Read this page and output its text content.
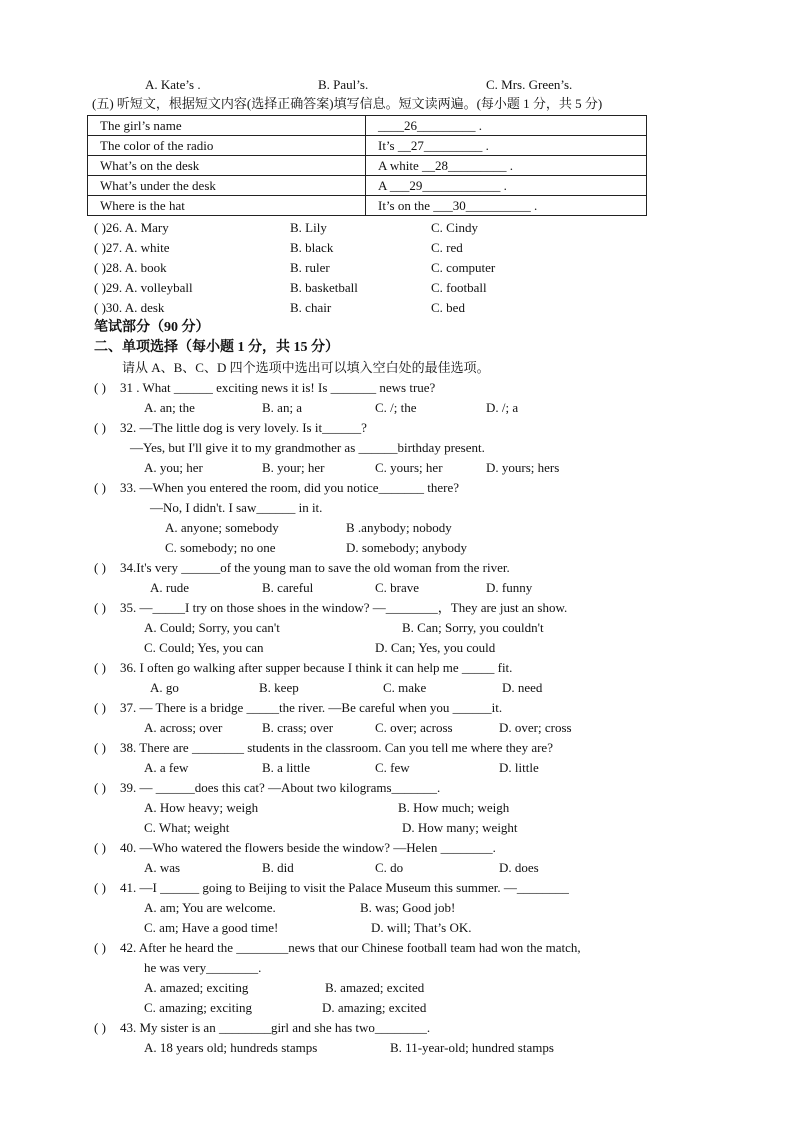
A. Kate’s .	B. Paul’s.	C. Mrs. Green’s.
(五) 听短文，根据短文内容(选择正确答案)填写信息。短文读两遍。(每小题 1 分，共 5 分)
The girl’s name	____26_________ .
The color of the radio	It’s __27_________ .
What’s on the desk	A white __28_________ .
What’s under the desk	A ___29____________ .
Where is the hat	It’s on the ___30__________ .
( )26. A. Mary	B. Lily	C. Cindy
( )27. A. white	B. black	C. red
( )28. A. book	B. ruler	C. computer
( )29. A. volleyball	B. basketball	C. football
( )30. A. desk	B. chair	C. bed
笔试部分（90 分）
二、单项选择（每小题 1 分，共 15 分）
请从 A、B、C、D 四个选项中选出可以填入空白处的最佳选项。
( ) 31 . What ______ exciting news it is! Is _______ news true?
A. an; the	B. an; a	C. /; the	D. /; a
( ) 32. —The little dog is very lovely. Is it______?
—Yes, but I'll give it to my grandmother as ______birthday present.
A. you; her	B. your; her	C. yours; her	D. yours; hers
( ) 33. —When you entered the room, did you notice_______ there?
—No, I didn't. I saw______ in it.
A. anyone; somebody	B .anybody; nobody
C. somebody; no one	D. somebody; anybody
( ) 34.It's very ______of the young man to save the old woman from the river.
A. rude	B. careful	C. brave	D. funny
( ) 35. —_____I try on those shoes in the window? —________，They are just an show.
A. Could; Sorry, you can't	B. Can; Sorry, you couldn't
C. Could; Yes, you can	D. Can; Yes, you could
( ) 36. I often go walking after supper because I think it can help me _____ fit.
A. go	B. keep	C. make	D. need
( ) 37. — There is a bridge _____the river. —Be careful when you ______it.
A. across; over	B. crass; over	C. over; across	D. over; cross
( ) 38. There are ________ students in the classroom. Can you tell me where they are?
A. a few	B. a little	C. few	D. little
( ) 39. — ______does this cat? —About two kilograms_______.
A. How heavy; weigh	B. How much; weigh
C. What; weight	D. How many; weight
( ) 40. —Who watered the flowers beside the window? —Helen ________.
A. was	B. did	C. do	D. does
( ) 41. —I ______ going to Beijing to visit the Palace Museum this summer. —________
A. am; You are welcome.	B. was; Good job!
C. am; Have a good time!	D. will; That’s OK.
( ) 42. After he heard the ________news that our Chinese football team had won the match,
he was very________.
A. amazed; exciting	B. amazed; excited
C. amazing; exciting	D. amazing; excited
( ) 43. My sister is an ________girl and she has two________.
A. 18 years old; hundreds stamps	B. 11-year-old; hundred stamps
